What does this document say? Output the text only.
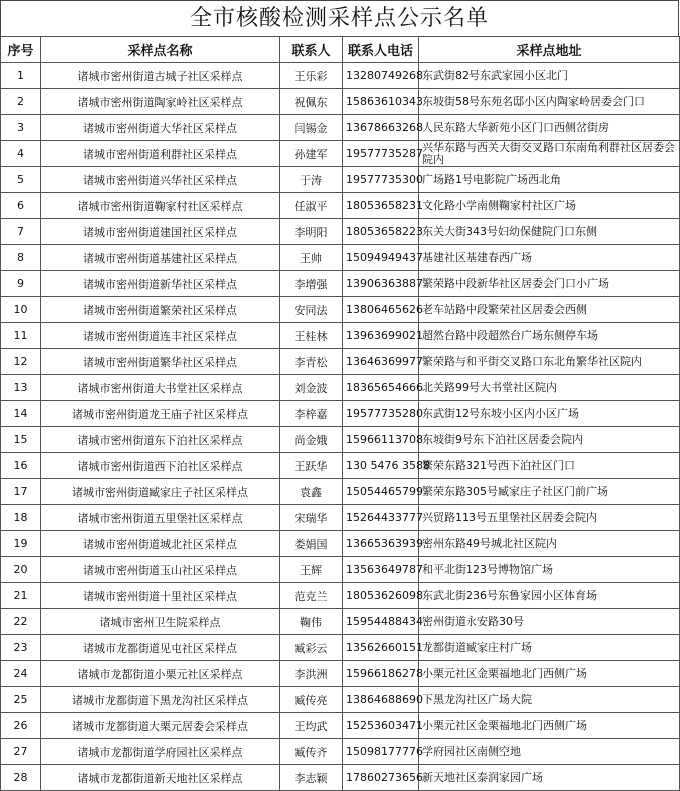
全市核酸检测采样点公示名单
序号	采样点名称	联系人	联系人电话	采样点地址
1	诸城市密州街道古城子社区采样点	王乐彩	13280749268	东武街82号东武家园小区北门
2	诸城市密州街道陶家岭社区采样点	祝佩东	15863610343	东坡街58号东苑名邸小区内陶家岭居委会门口
3	诸城市密州街道大华社区采样点	闫锡金	13678663268	人民东路大华新苑小区门口西侧岔街房
4	诸城市密州街道利群社区采样点	孙建军	19577735287	兴华东路与西关大街交叉路口东南角利群社区居委会院内
5	诸城市密州街道兴华社区采样点	于涛	19577735300	广场路1号电影院广场西北角
6	诸城市密州街道鞠家村社区采样点	任淑平	18053658231	文化路小学南侧鞠家村社区广场
7	诸城市密州街道建国社区采样点	李明阳	18053658223	东关大街343号妇幼保健院门口东侧
8	诸城市密州街道基建社区采样点	王帅	15094949437	基建社区基建春西广场
9	诸城市密州街道新华社区采样点	李增强	13906363887	繁荣路中段新华社区居委会门口小广场
10	诸城市密州街道繁荣社区采样点	安同法	13806465626	老车站路中段繁荣社区居委会西侧
11	诸城市密州街道连丰社区采样点	王桂林	13963699021	超然台路中段超然台广场东侧停车场
12	诸城市密州街道繁华社区采样点	李青松	13646369977	繁荣路与和平街交叉路口东北角繁华社区院内
13	诸城市密州街道大书堂社区采样点	刘金波	18365654666	北关路99号大书堂社区院内
14	诸城市密州街道龙王庙子社区采样点	李梓嘉	19577735280	东武街12号东坡小区内小区广场
15	诸城市密州街道东下泊社区采样点	尚金娥	15966113708	东坡街9号东下泊社区居委会院内
16	诸城市密州街道西下泊社区采样点	王跃华	130 5476 3588	繁荣东路321号西下泊社区门口
17	诸城市密州街道臧家庄子社区采样点	袁鑫	15054465799	繁荣东路305号臧家庄子社区门前广场
18	诸城市密州街道五里堡社区采样点	宋瑞华	15264433777	兴贸路113号五里堡社区居委会院内
19	诸城市密州街道城北社区采样点	娄娟国	13665363939	密州东路49号城北社区院内
20	诸城市密州街道玉山社区采样点	王辉	13563649787	和平北街123号博物馆广场
21	诸城市密州街道十里社区采样点	范克兰	18053626098	东武北街236号东鲁家园小区体育场
22	诸城市密州卫生院采样点	鞠伟	15954488434	密州街道永安路30号
23	诸城市龙都街道见屯社区采样点	臧彩云	13562660151	龙都街道臧家庄村广场
24	诸城市龙都街道小栗元社区采样点	李洪洲	15966186278	小栗元社区金栗福地北门西侧广场
25	诸城市龙都街道下黑龙沟社区采样点	臧传亮	13864688690	下黑龙沟社区广场大院
26	诸城市龙都街道大栗元居委会采样点	王均武	15253603471	小栗元社区金栗福地北门西侧广场
27	诸城市龙都街道学府园社区采样点	臧传齐	15098177776	学府园社区南侧空地
28	诸城市龙都街道新天地社区采样点	李志颖	17860273656	新天地社区泰润家园广场
